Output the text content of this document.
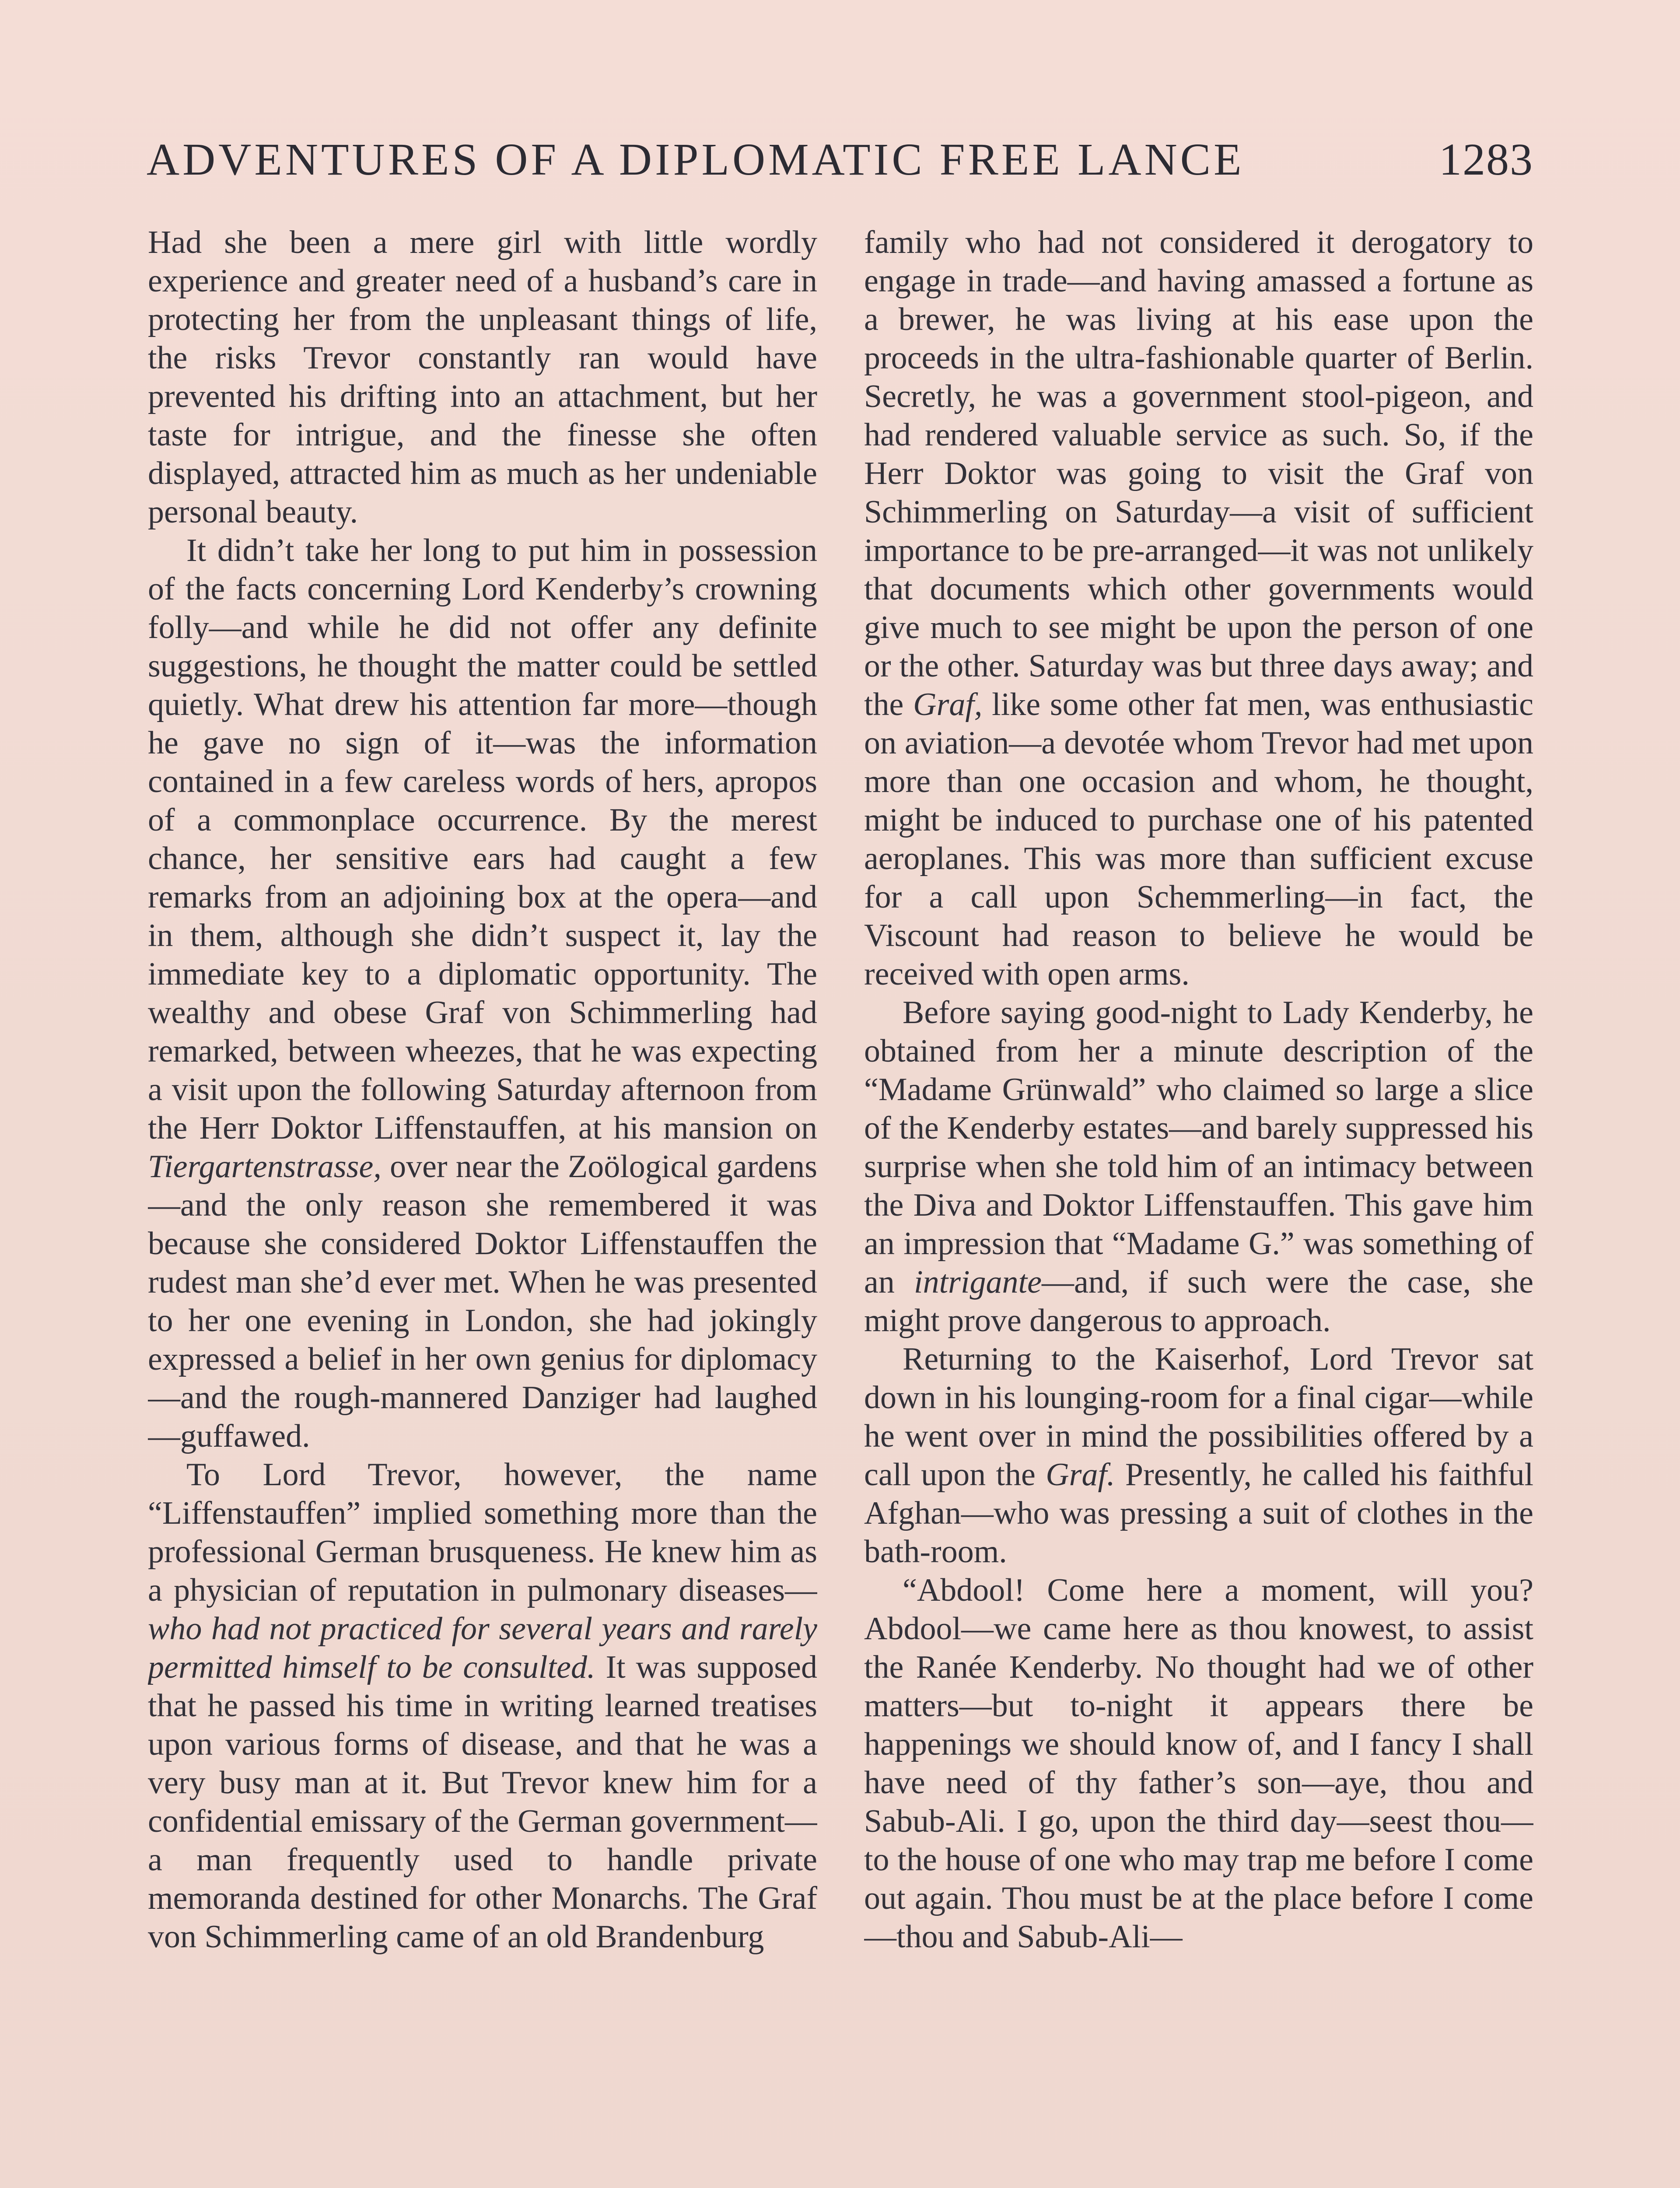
ADVENTURES OF A DIPLOMATIC FREE LANCE	1283

Had she been a mere girl with little wordly experience and greater need of a husband’s care in protecting her from the unpleasant things of life, the risks Trevor constantly ran would have prevented his drifting into an attachment, but her taste for intrigue, and the finesse she often displayed, attracted him as much as her undeniable personal beauty.

It didn’t take her long to put him in possession of the facts concerning Lord Kenderby’s crowning folly—and while he did not offer any definite suggestions, he thought the matter could be settled quietly. What drew his attention far more—though he gave no sign of it—was the information contained in a few careless words of hers, apropos of a commonplace occurrence. By the merest chance, her sensitive ears had caught a few remarks from an adjoining box at the opera—and in them, although she didn’t suspect it, lay the immediate key to a diplomatic opportunity. The wealthy and obese Graf von Schimmerling had remarked, between wheezes, that he was expecting a visit upon the following Saturday afternoon from the Herr Doktor Liffenstauffen, at his mansion on Tiergartenstrasse, over near the Zoölogical gardens—and the only reason she remembered it was because she considered Doktor Liffenstauffen the rudest man she’d ever met. When he was presented to her one evening in London, she had jokingly expressed a belief in her own genius for diplomacy—and the rough-mannered Danziger had laughed—guffawed.

To Lord Trevor, however, the name “Liffenstauffen” implied something more than the professional German brusqueness. He knew him as a physician of reputation in pulmonary diseases—who had not practiced for several years and rarely permitted himself to be consulted. It was supposed that he passed his time in writing learned treatises upon various forms of disease, and that he was a very busy man at it. But Trevor knew him for a confidential emissary of the German government—a man frequently used to handle private memoranda destined for other Monarchs. The Graf von Schimmerling came of an old Brandenburg

family who had not considered it derogatory to engage in trade—and having amassed a fortune as a brewer, he was living at his ease upon the proceeds in the ultra-fashionable quarter of Berlin. Secretly, he was a government stool-pigeon, and had rendered valuable service as such. So, if the Herr Doktor was going to visit the Graf von Schimmerling on Saturday—a visit of sufficient importance to be pre-arranged—it was not unlikely that documents which other governments would give much to see might be upon the person of one or the other. Saturday was but three days away; and the Graf, like some other fat men, was enthusiastic on aviation—a devotée whom Trevor had met upon more than one occasion and whom, he thought, might be induced to purchase one of his patented aeroplanes. This was more than sufficient excuse for a call upon Schemmerling—in fact, the Viscount had reason to believe he would be received with open arms.

Before saying good-night to Lady Kenderby, he obtained from her a minute description of the “Madame Grünwald” who claimed so large a slice of the Kenderby estates—and barely suppressed his surprise when she told him of an intimacy between the Diva and Doktor Liffenstauffen. This gave him an impression that “Madame G.” was something of an intrigante—and, if such were the case, she might prove dangerous to approach.

Returning to the Kaiserhof, Lord Trevor sat down in his lounging-room for a final cigar—while he went over in mind the possibilities offered by a call upon the Graf. Presently, he called his faithful Afghan—who was pressing a suit of clothes in the bath-room.

“Abdool! Come here a moment, will you? Abdool—we came here as thou knowest, to assist the Ranée Kenderby. No thought had we of other matters—but to-night it appears there be happenings we should know of, and I fancy I shall have need of thy father’s son—aye, thou and Sabub-Ali. I go, upon the third day—seest thou—to the house of one who may trap me before I come out again. Thou must be at the place before I come—thou and Sabub-Ali—
